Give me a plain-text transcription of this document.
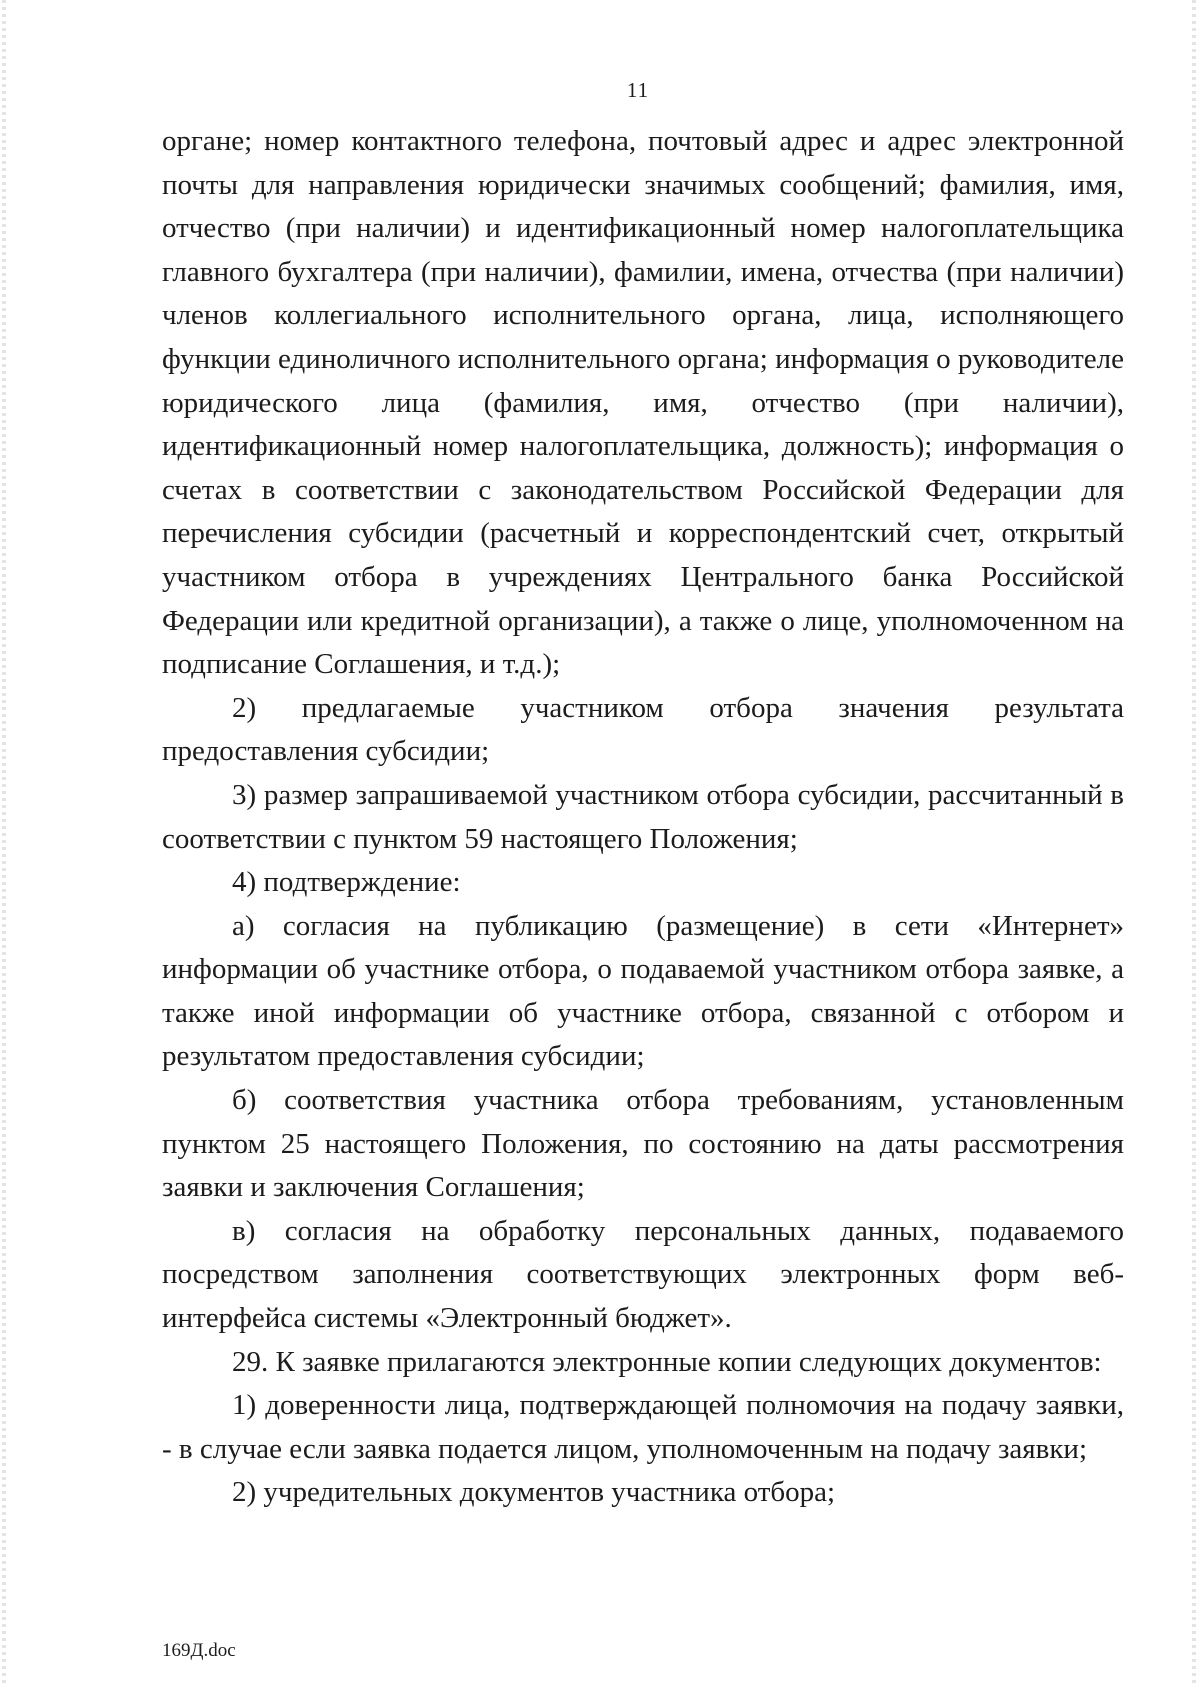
11

органе; номер контактного телефона, почтовый адрес и адрес электронной почты для направления юридически значимых сообщений; фамилия, имя, отчество (при наличии) и идентификационный номер налогоплательщика главного бухгалтера (при наличии), фамилии, имена, отчества (при наличии) членов коллегиального исполнительного органа, лица, исполняющего функции единоличного исполнительного органа; информация о руководителе юридического лица (фамилия, имя, отчество (при наличии), идентификационный номер налогоплательщика, должность); информация о счетах в соответствии с законодательством Российской Федерации для перечисления субсидии (расчетный и корреспондентский счет, открытый участником отбора в учреждениях Центрального банка Российской Федерации или кредитной организации), а также о лице, уполномоченном на подписание Соглашения, и т.д.);

2) предлагаемые участником отбора значения результата предоставления субсидии;

3) размер запрашиваемой участником отбора субсидии, рассчитанный в соответствии с пунктом 59 настоящего Положения;

4) подтверждение:

а) согласия на публикацию (размещение) в сети «Интернет» информации об участнике отбора, о подаваемой участником отбора заявке, а также иной информации об участнике отбора, связанной с отбором и результатом предоставления субсидии;

б) соответствия участника отбора требованиям, установленным пунктом 25 настоящего Положения, по состоянию на даты рассмотрения заявки и заключения Соглашения;

в) согласия на обработку персональных данных, подаваемого посредством заполнения соответствующих электронных форм веб-интерфейса системы «Электронный бюджет».

29. К заявке прилагаются электронные копии следующих документов:

1) доверенности лица, подтверждающей полномочия на подачу заявки, - в случае если заявка подается лицом, уполномоченным на подачу заявки;

2) учредительных документов участника отбора;

169Д.doc
